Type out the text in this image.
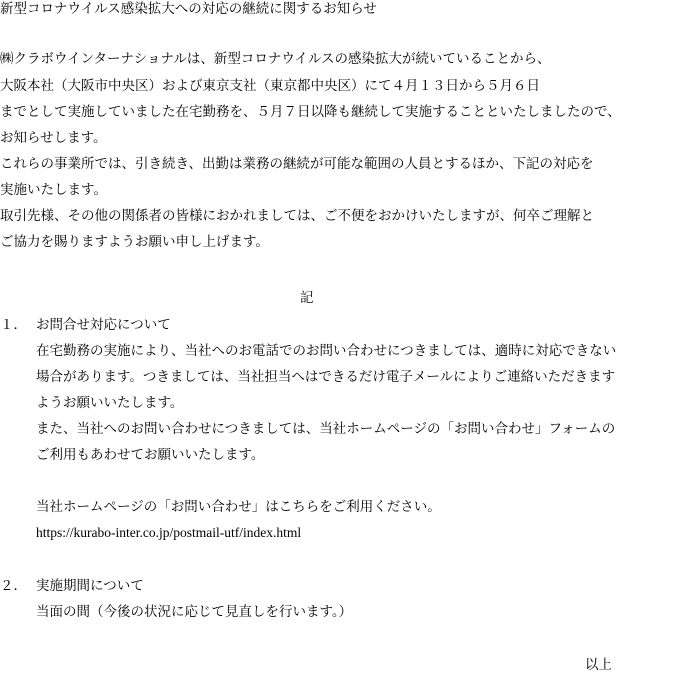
新型コロナウイルス感染拡大への対応の継続に関するお知らせ
㈱クラボウインターナショナルは、新型コロナウイルスの感染拡大が続いていることから、
大阪本社（大阪市中央区）および東京支社（東京都中央区）にて４月１３日から５月６日
までとして実施していました在宅勤務を、５月７日以降も継続して実施することといたしましたので、
お知らせします。
これらの事業所では、引き続き、出勤は業務の継続が可能な範囲の人員とするほか、下記の対応を
実施いたします。
取引先様、その他の関係者の皆様におかれましては、ご不便をおかけいたしますが、何卒ご理解と
ご協力を賜りますようお願い申し上げます。
記
１． お問合せ対応について
在宅勤務の実施により、当社へのお電話でのお問い合わせにつきましては、適時に対応できない
場合があります。つきましては、当社担当へはできるだけ電子メールによりご連絡いただきます
ようお願いいたします。
また、当社へのお問い合わせにつきましては、当社ホームページの「お問い合わせ」フォームの
ご利用もあわせてお願いいたします。
当社ホームページの「お問い合わせ」はこちらをご利用ください。
https://kurabo-inter.co.jp/postmail-utf/index.html
２． 実施期間について
当面の間（今後の状況に応じて見直しを行います。）
以上
